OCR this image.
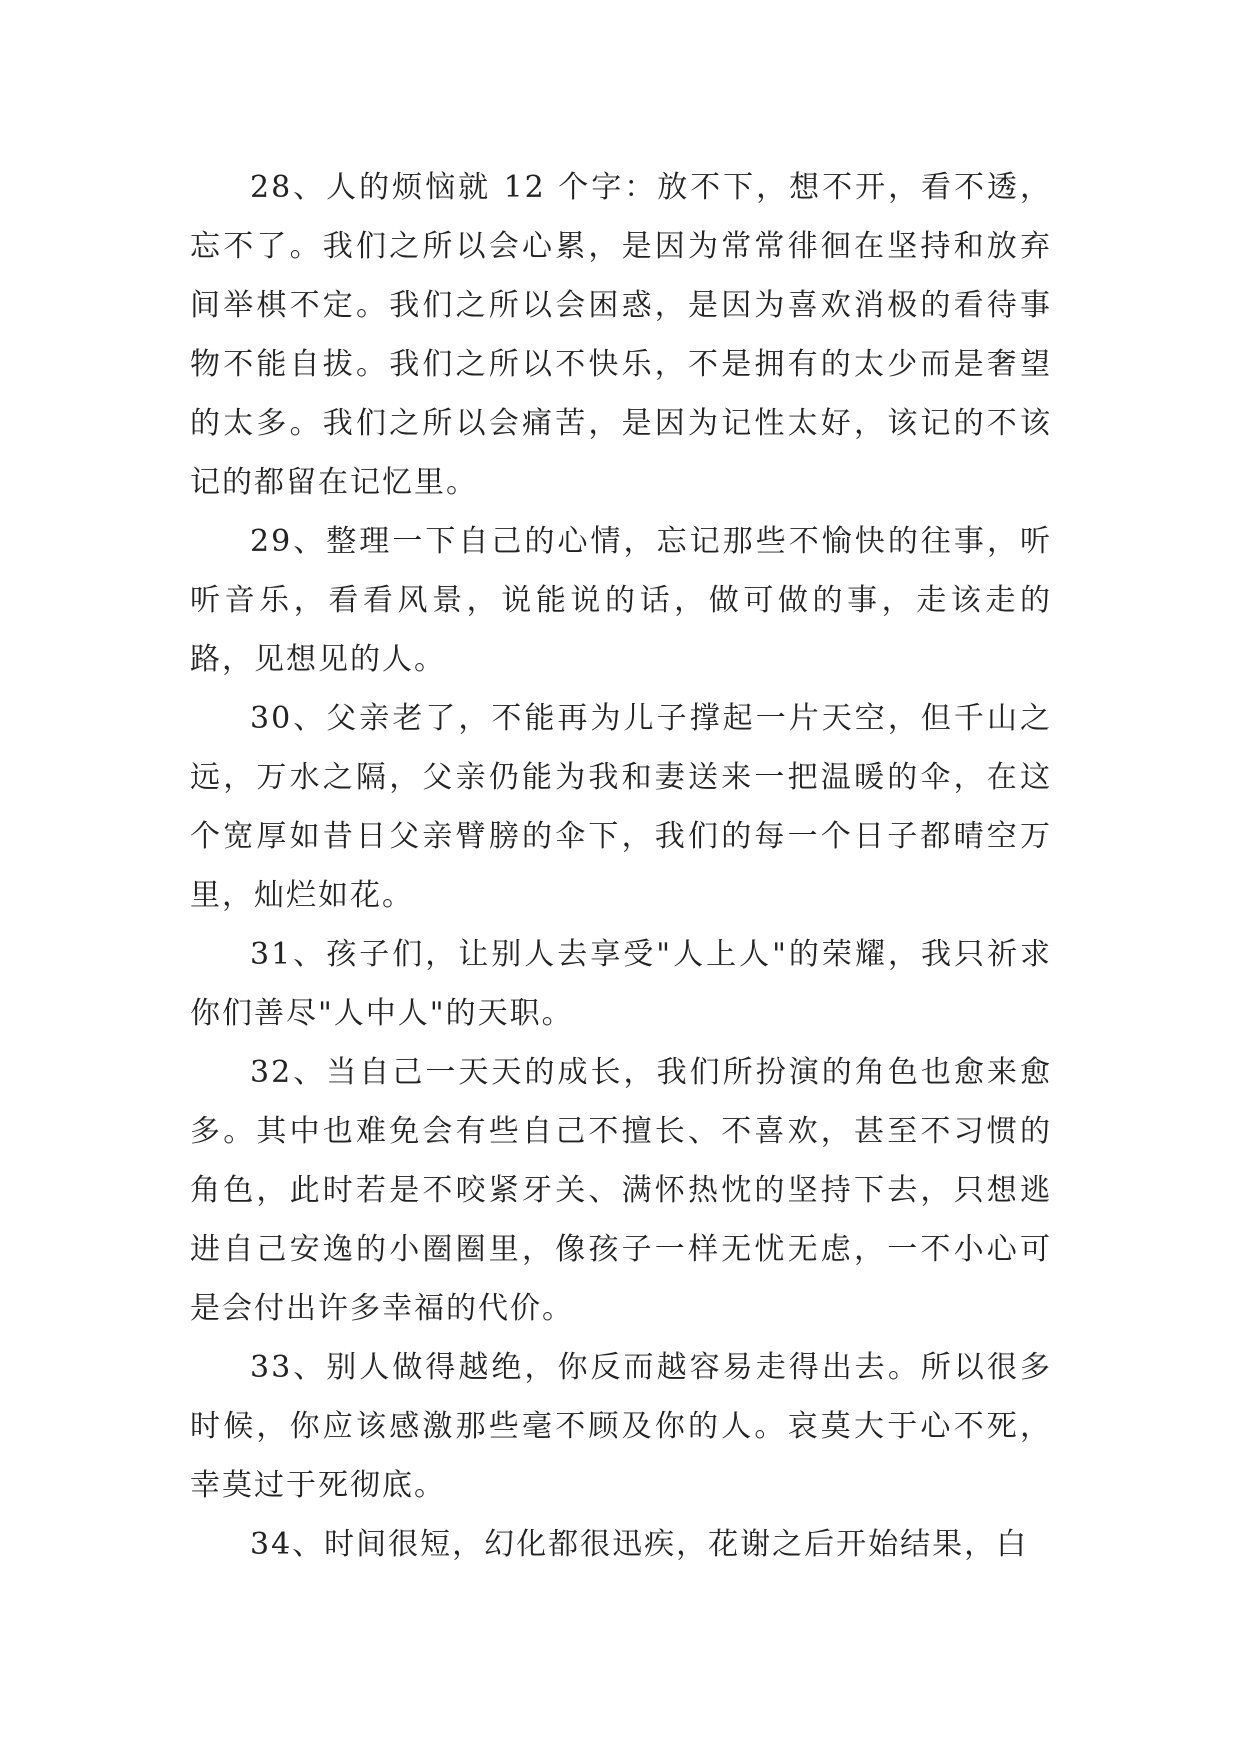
28、人的烦恼就 12 个字：放不下，想不开，看不透，忘不了。我们之所以会心累，是因为常常徘徊在坚持和放弃间举棋不定。我们之所以会困惑，是因为喜欢消极的看待事物不能自拔。我们之所以不快乐，不是拥有的太少而是奢望的太多。我们之所以会痛苦，是因为记性太好，该记的不该记的都留在记忆里。

29、整理一下自己的心情，忘记那些不愉快的往事，听听音乐，看看风景，说能说的话，做可做的事，走该走的路，见想见的人。

30、父亲老了，不能再为儿子撑起一片天空，但千山之远，万水之隔，父亲仍能为我和妻送来一把温暖的伞，在这个宽厚如昔日父亲臂膀的伞下，我们的每一个日子都晴空万里，灿烂如花。

31、孩子们，让别人去享受"人上人"的荣耀，我只祈求你们善尽"人中人"的天职。

32、当自己一天天的成长，我们所扮演的角色也愈来愈多。其中也难免会有些自己不擅长、不喜欢，甚至不习惯的角色，此时若是不咬紧牙关、满怀热忱的坚持下去，只想逃进自己安逸的小圈圈里，像孩子一样无忧无虑，一不小心可是会付出许多幸福的代价。

33、别人做得越绝，你反而越容易走得出去。所以很多时候，你应该感激那些毫不顾及你的人。哀莫大于心不死，幸莫过于死彻底。

34、时间很短，幻化都很迅疾，花谢之后开始结果，白
